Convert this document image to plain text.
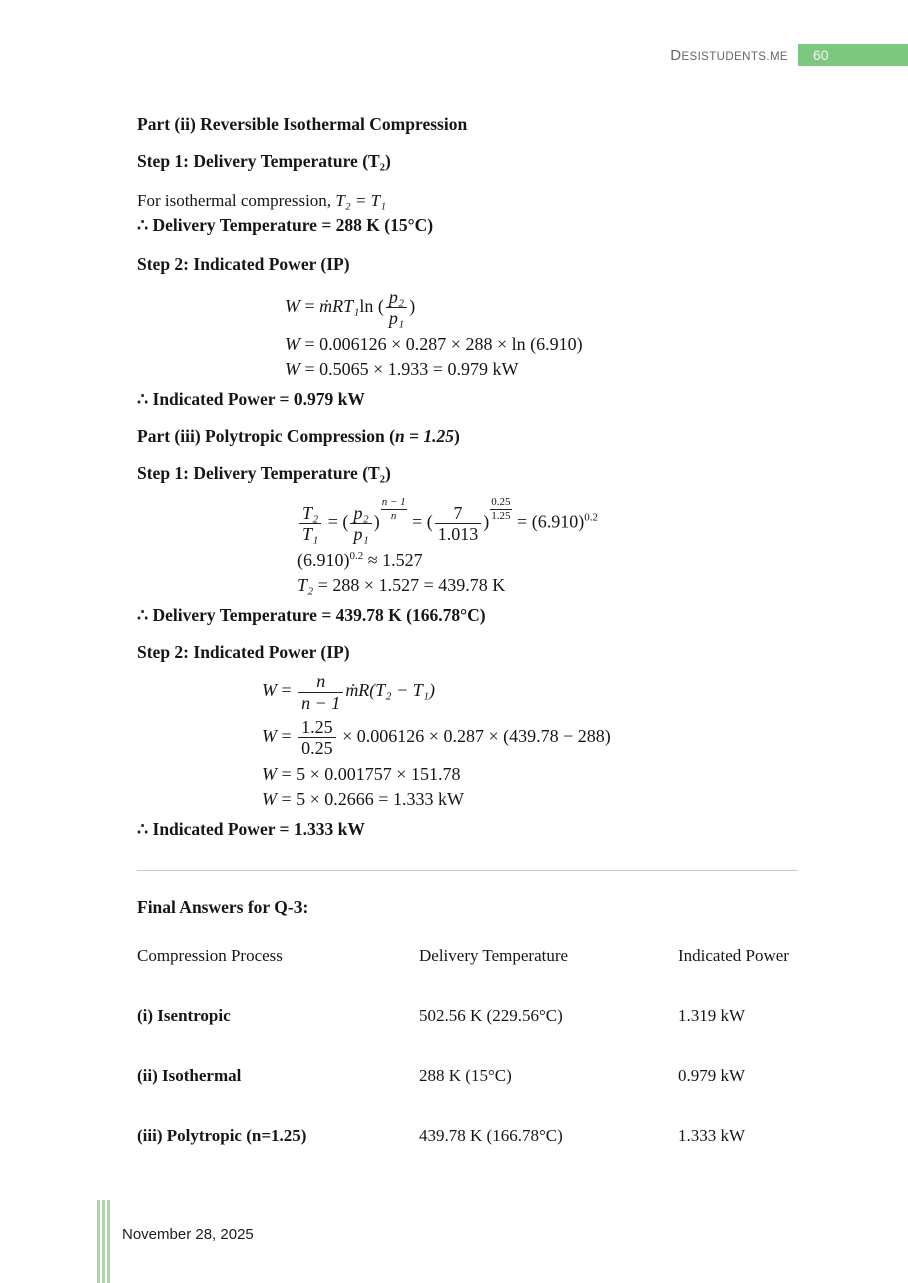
DESISTUDENTS.ME	60
Part (ii) Reversible Isothermal Compression
Step 1: Delivery Temperature (T₂)
For isothermal compression, T₂ = T₁
∴ Delivery Temperature = 288 K (15°C)
Step 2: Indicated Power (IP)
W = ṁRT₁ln ( $\frac{\text{p₂}}{\text{p₁}}$ )
W = 0.006126 × 0.287 × 288 × ln (6.910)
W = 0.5065 × 1.933 = 0.979 kW
∴ Indicated Power = 0.979 kW
Part (iii) Polytropic Compression (n = 1.25)
Step 1: Delivery Temperature (T₂)
$\frac{\text{T₂}}{\text{T₁}}$ = ( $\frac{\text{p₂}}{\text{p₁}}$ ) $\frac{n - 1}{n}$ = ( $\frac{7}{1.013}$ ) $\frac{0.25}{1.25} = (6.910)^{0.2}$
$(6.910)^{0.2} \approx 1.527$
T₂ = 288 × 1.527 = 439.78 K
∴ Delivery Temperature = 439.78 K (166.78°C)
Step 2: Indicated Power (IP)
$W = \frac{n}{n - 1}$ ṁR(T₂ − T₁)
$W = \frac{1.25}{0.25} \times 0.006126 \times 0.287 \times (439.78 - 288)$
W = 5 × 0.001757 × 151.78
W = 5 × 0.2666 = 1.333 kW
∴ Indicated Power = 1.333 kW
Final Answers for Q-3:
Compression Process	Delivery Temperature	Indicated Power
(i) Isentropic	502.56 K (229.56°C)	1.319 kW
(ii) Isothermal	288 K (15°C)	0.979 kW
(iii) Polytropic (n=1.25)	439.78 K (166.78°C)	1.333 kW
November 28, 2025
